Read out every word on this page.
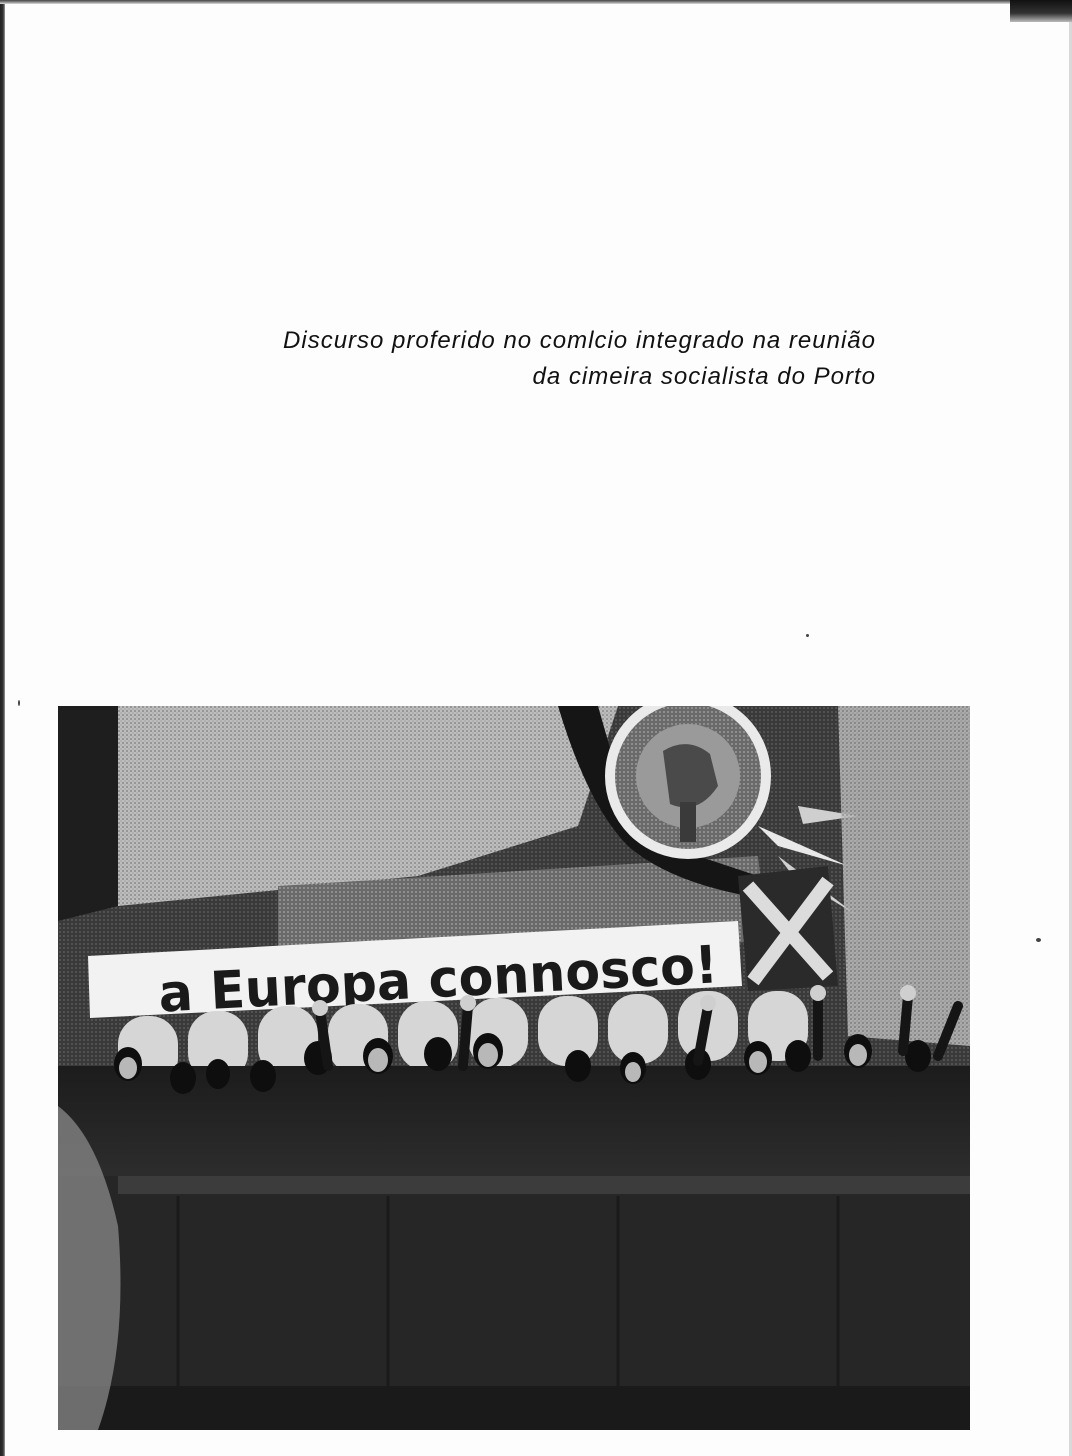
Discurso proferido no comlcio integrado na reunião
da cimeira socialista do Porto
a Europa connosco!
